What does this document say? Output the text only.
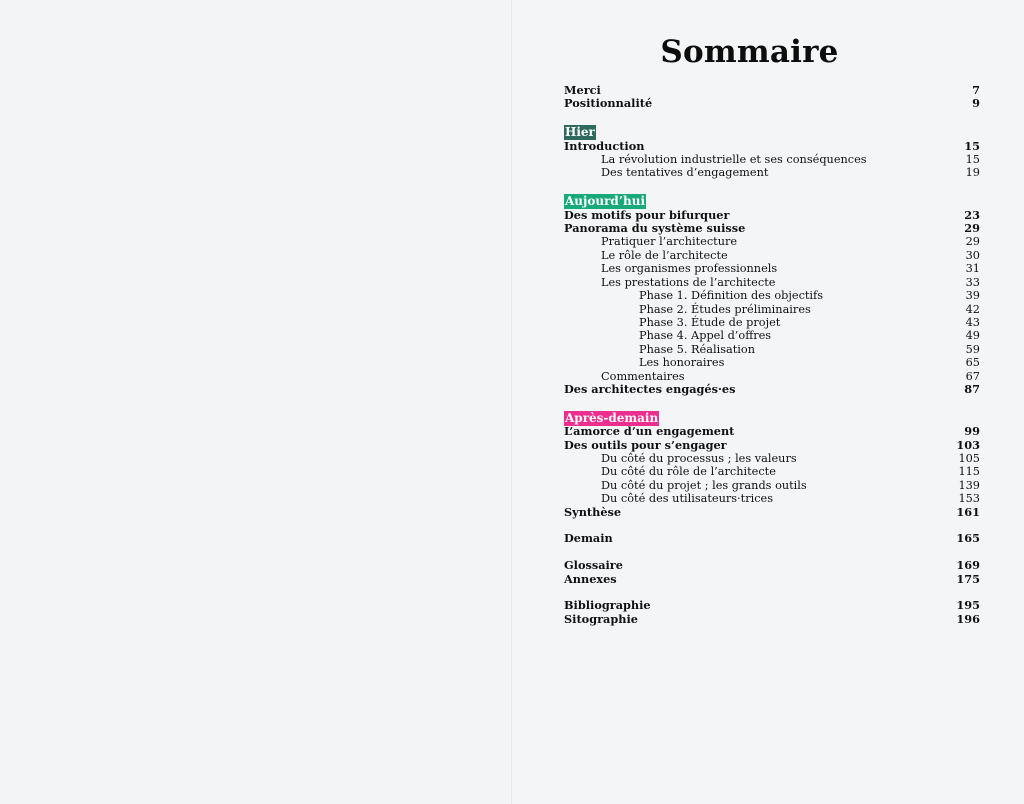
Sommaire
Merci	7
Positionnalité	9
Hier
Introduction	15
La révolution industrielle et ses conséquences	15
Des tentatives d’engagement	19
Aujourd’hui
Des motifs pour bifurquer	23
Panorama du système suisse	29
Pratiquer l’architecture	29
Le rôle de l’architecte	30
Les organismes professionnels	31
Les prestations de l’architecte	33
Phase 1. Définition des objectifs	39
Phase 2. Études préliminaires	42
Phase 3. Étude de projet	43
Phase 4. Appel d’offres	49
Phase 5. Réalisation	59
Les honoraires	65
Commentaires	67
Des architectes engagés·es	87
Après-demain
L’amorce d’un engagement	99
Des outils pour s’engager	103
Du côté du processus ; les valeurs	105
Du côté du rôle de l’architecte	115
Du côté du projet ; les grands outils	139
Du côté des utilisateurs·trices	153
Synthèse	161
Demain	165
Glossaire	169
Annexes	175
Bibliographie	195
Sitographie	196
